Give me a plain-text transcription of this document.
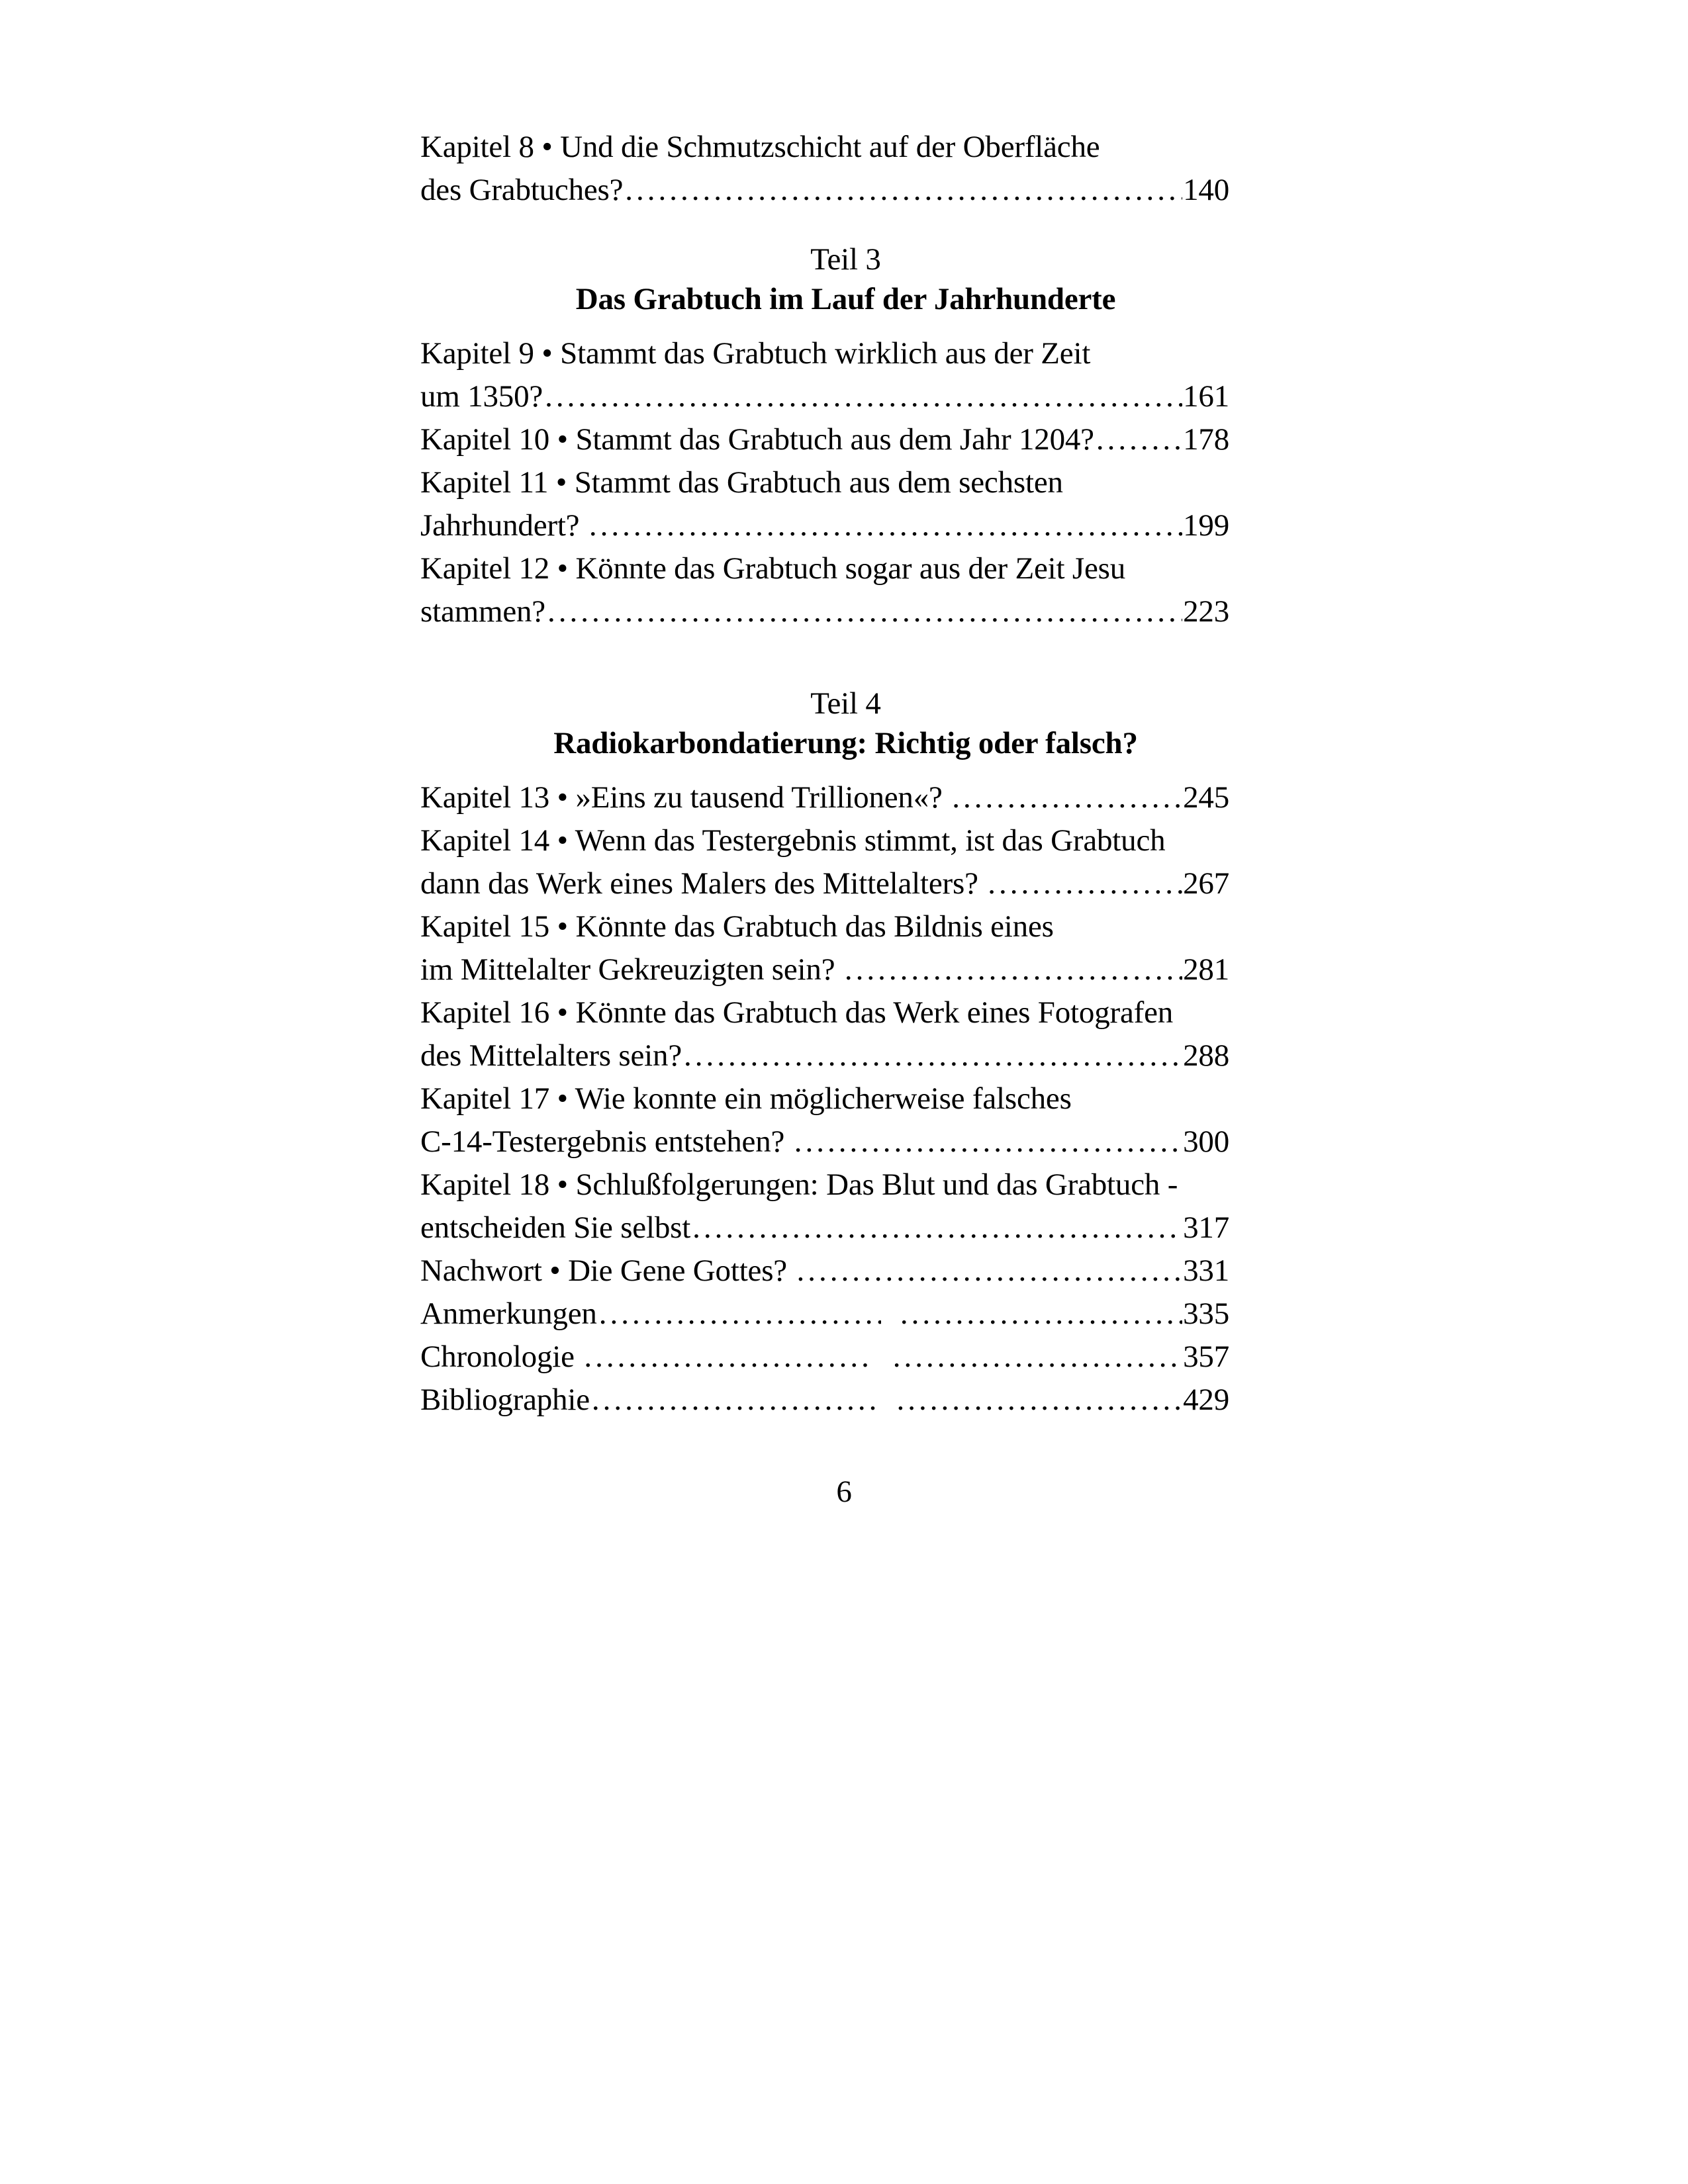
Kapitel 8 • Und die Schmutzschicht auf der Oberfläche
des Grabtuches? .....	140
Teil 3
Das Grabtuch im Lauf der Jahrhunderte
Kapitel 9 • Stammt das Grabtuch wirklich aus der Zeit
um 1350? .....	161
Kapitel 10 • Stammt das Grabtuch aus dem Jahr 1204? .....	178
Kapitel 11 • Stammt das Grabtuch aus dem sechsten
Jahrhundert? .....	199
Kapitel 12 • Könnte das Grabtuch sogar aus der Zeit Jesu
stammen? .....	223
Teil 4
Radiokarbondatierung: Richtig oder falsch?
Kapitel 13 • »Eins zu tausend Trillionen«? .....	245
Kapitel 14 • Wenn das Testergebnis stimmt, ist das Grabtuch
dann das Werk eines Malers des Mittelalters? .....	267
Kapitel 15 • Könnte das Grabtuch das Bildnis eines
im Mittelalter Gekreuzigten sein? .....	281
Kapitel 16 • Könnte das Grabtuch das Werk eines Fotografen
des Mittelalters sein? .....	288
Kapitel 17 • Wie konnte ein möglicherweise falsches
C-14-Testergebnis entstehen? .....	300
Kapitel 18 • Schlußfolgerungen: Das Blut und das Grabtuch -
entscheiden Sie selbst .....	317
Nachwort • Die Gene Gottes? .....	331
Anmerkungen ..... .....	335
Chronologie ..... .....	357
Bibliographie ..... .....	429
6
